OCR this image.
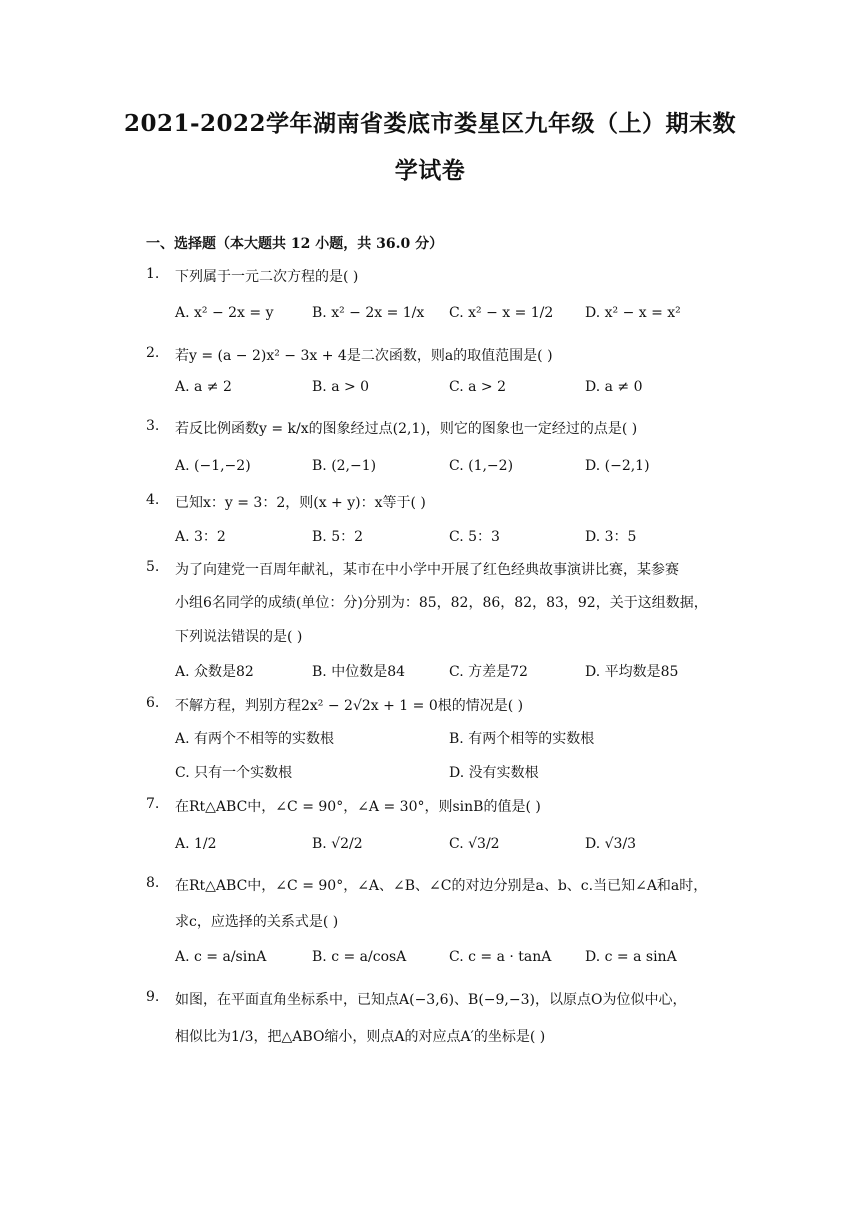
2021-2022学年湖南省娄底市娄星区九年级（上）期末数
学试卷
一、选择题（本大题共 12 小题，共 36.0 分）
1. 下列属于一元二次方程的是( )
A. x² − 2x = y	B. x² − 2x = 1/x C. x² − x = 1/2 D. x² − x = x²
2. 若y = (a − 2)x² − 3x + 4是二次函数，则a的取值范围是( )
A. a ≠ 2	B. a > 0	C. a > 2	D. a ≠ 0
3. 若反比例函数y = k/x的图象经过点(2,1)，则它的图象也一定经过的点是( )
A. (−1,−2)	B. (2,−1)	C. (1,−2)	D. (−2,1)
4. 已知x：y = 3：2，则(x + y)：x等于( )
A. 3：2	B. 5：2	C. 5：3	D. 3：5
5. 为了向建党一百周年献礼，某市在中小学中开展了红色经典故事演讲比赛，某参赛
小组6名同学的成绩(单位：分)分别为：85，82，86，82，83，92，关于这组数据，
下列说法错误的是( )
A. 众数是82	B. 中位数是84	C. 方差是72	D. 平均数是85
6. 不解方程，判别方程2x² − 2√2x + 1 = 0根的情况是( )
A. 有两个不相等的实数根	B. 有两个相等的实数根
C. 只有一个实数根	D. 没有实数根
7. 在Rt△ABC中，∠C = 90°，∠A = 30°，则sinB的值是( )
A. 1/2	B. √2/2	C. √3/2	D. √3/3
8. 在Rt△ABC中，∠C = 90°，∠A、∠B、∠C的对边分别是a、b、c.当已知∠A和a时，
求c，应选择的关系式是( )
A. c = a/sinA	B. c = a/cosA	C. c = a · tanA D. c = a sinA
9. 如图，在平面直角坐标系中，已知点A(−3,6)、B(−9,−3)，以原点O为位似中心，
相似比为1/3，把△ABO缩小，则点A的对应点A′的坐标是( )
